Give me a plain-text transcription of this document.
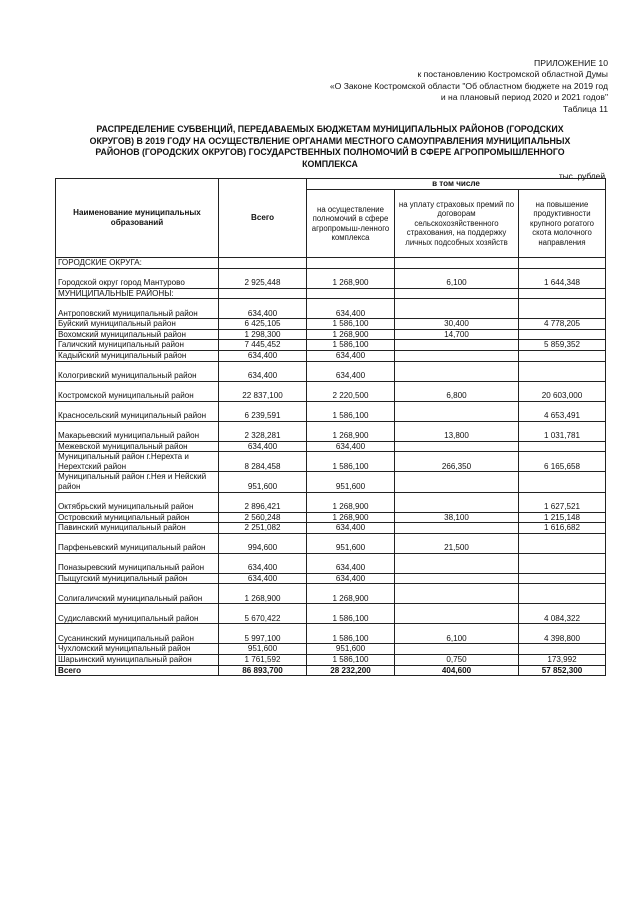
ПРИЛОЖЕНИЕ 10
к постановлению Костромской областной Думы
«О Законе Костромской области "Об областном бюджете на 2019 год
и на плановый период 2020 и 2021 годов"
Таблица 11
РАСПРЕДЕЛЕНИЕ СУБВЕНЦИЙ, ПЕРЕДАВАЕМЫХ БЮДЖЕТАМ МУНИЦИПАЛЬНЫХ РАЙОНОВ (ГОРОДСКИХ
ОКРУГОВ) В 2019 ГОДУ НА ОСУЩЕСТВЛЕНИЕ ОРГАНАМИ МЕСТНОГО САМОУПРАВЛЕНИЯ МУНИЦИПАЛЬНЫХ
РАЙОНОВ (ГОРОДСКИХ ОКРУГОВ) ГОСУДАРСТВЕННЫХ ПОЛНОМОЧИЙ В СФЕРЕ АГРОПРОМЫШЛЕННОГО
КОМПЛЕКСА
тыс. рублей
Наименование муниципальных образований	Всего	в том числе		
		на осуществление полномочий в сфере агропромыш-ленного комплекса	на уплату страховых премий по договорам сельскохозяйственного страхования, на поддержку личных подсобных хозяйств	на повышение продуктивности крупного рогатого скота молочного направления
ГОРОДСКИЕ ОКРУГА:				
Городской округ город Мантурово	2 925,448	1 268,900	6,100	1 644,348
МУНИЦИПАЛЬНЫЕ РАЙОНЫ:				
Антроповский муниципальный район	634,400	634,400		
Буйский муниципальный район	6 425,105	1 586,100	30,400	4 778,205
Вохомский муниципальный район	1 298,300	1 268,900	14,700	
Галичский муниципальный район	7 445,452	1 586,100		5 859,352
Кадыйский муниципальный район	634,400	634,400		
Кологривский муниципальный район	634,400	634,400		
Костромской муниципальный район	22 837,100	2 220,500	6,800	20 603,000
Красносельский муниципальный район	6 239,591	1 586,100		4 653,491
Макарьевский муниципальный район	2 328,281	1 268,900	13,800	1 031,781
Межевской муниципальный район	634,400	634,400		
Муниципальный район г.Нерехта и Нерехтский район	8 284,458	1 586,100	266,350	6 165,658
Муниципальный район г.Нея и Нейский район	951,600	951,600		
Октябрьский муниципальный район	2 896,421	1 268,900		1 627,521
Островский муниципальный район	2 560,248	1 268,900	38,100	1 215,148
Павинский муниципальный район	2 251,082	634,400		1 616,682
Парфеньевский муниципальный район	994,600	951,600	21,500	
Поназыревский муниципальный район	634,400	634,400		
Пыщугский муниципальный район	634,400	634,400		
Солигаличский муниципальный район	1 268,900	1 268,900		
Судиславский муниципальный район	5 670,422	1 586,100		4 084,322
Сусанинский муниципальный район	5 997,100	1 586,100	6,100	4 398,800
Чухломский муниципальный район	951,600	951,600		
Шарьинский муниципальный район	1 761,592	1 586,100	0,750	173,992
Всего	86 893,700	28 232,200	404,600	57 852,300
